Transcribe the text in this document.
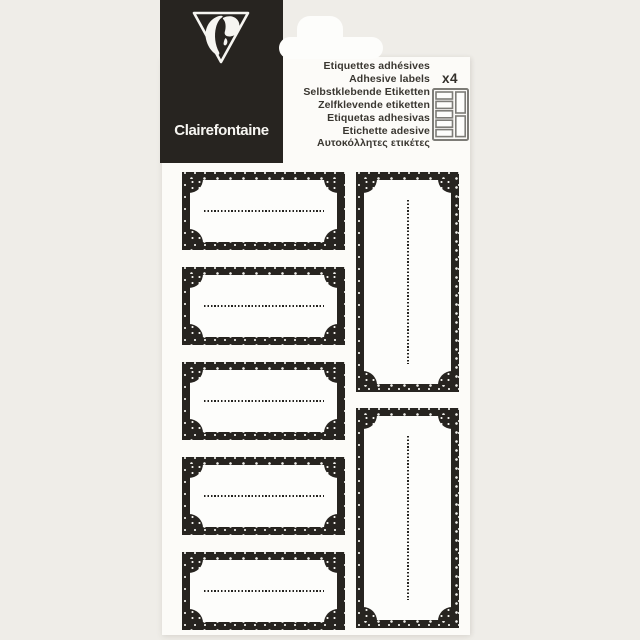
Clairefontaine
Etiquettes adhésives
Adhesive labels
Selbstklebende Etiketten
Zelfklevende etiketten
Etiquetas adhesivas
Etichette adesive
Αυτοκόλλητες ετικέτες
x4
